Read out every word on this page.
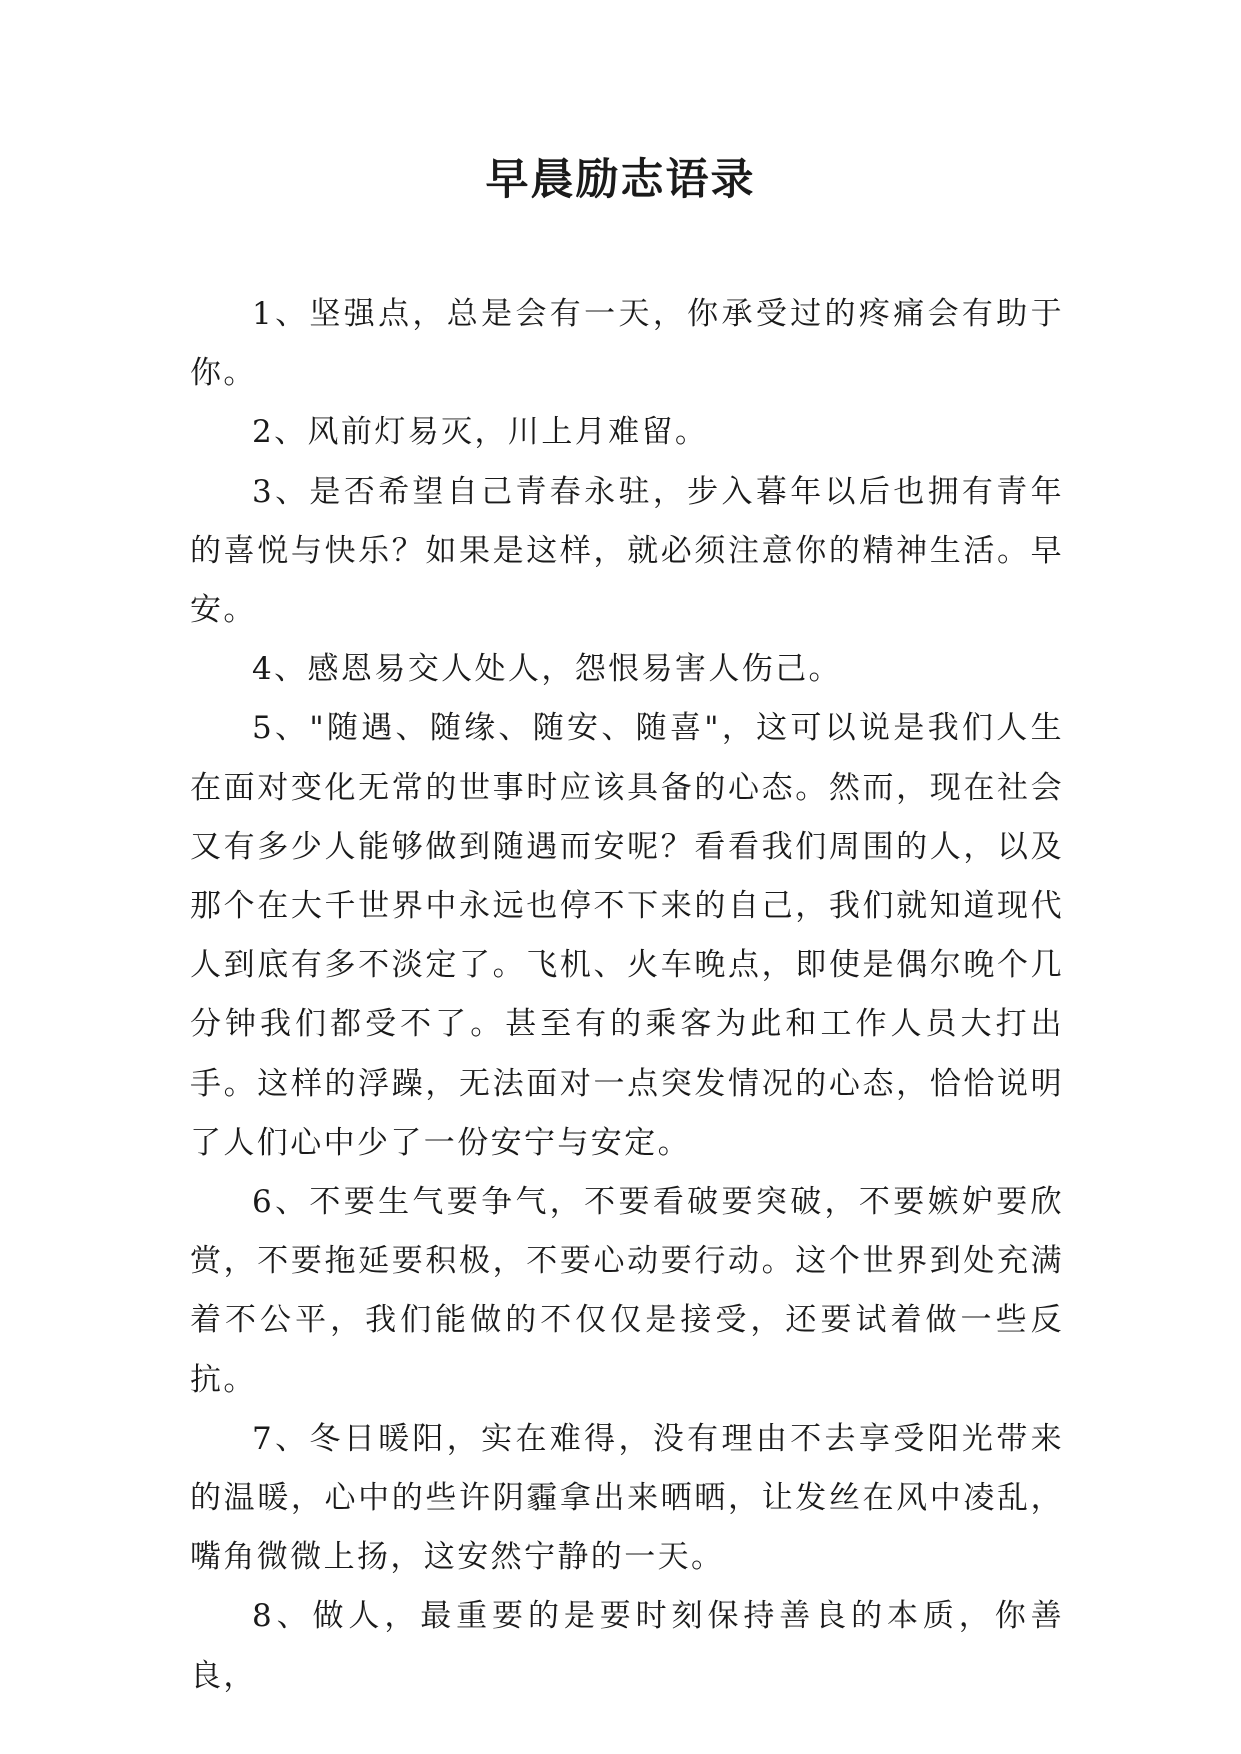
早晨励志语录

1、坚强点，总是会有一天，你承受过的疼痛会有助于你。

2、风前灯易灭，川上月难留。

3、是否希望自己青春永驻，步入暮年以后也拥有青年的喜悦与快乐？如果是这样，就必须注意你的精神生活。早安。

4、感恩易交人处人，怨恨易害人伤己。

5、"随遇、随缘、随安、随喜"，这可以说是我们人生在面对变化无常的世事时应该具备的心态。然而，现在社会又有多少人能够做到随遇而安呢？看看我们周围的人，以及那个在大千世界中永远也停不下来的自己，我们就知道现代人到底有多不淡定了。飞机、火车晚点，即使是偶尔晚个几分钟我们都受不了。甚至有的乘客为此和工作人员大打出手。这样的浮躁，无法面对一点突发情况的心态，恰恰说明了人们心中少了一份安宁与安定。

6、不要生气要争气，不要看破要突破，不要嫉妒要欣赏，不要拖延要积极，不要心动要行动。这个世界到处充满着不公平，我们能做的不仅仅是接受，还要试着做一些反抗。

7、冬日暖阳，实在难得，没有理由不去享受阳光带来的温暖，心中的些许阴霾拿出来晒晒，让发丝在风中凌乱，嘴角微微上扬，这安然宁静的一天。

8、做人，最重要的是要时刻保持善良的本质，你善良，
